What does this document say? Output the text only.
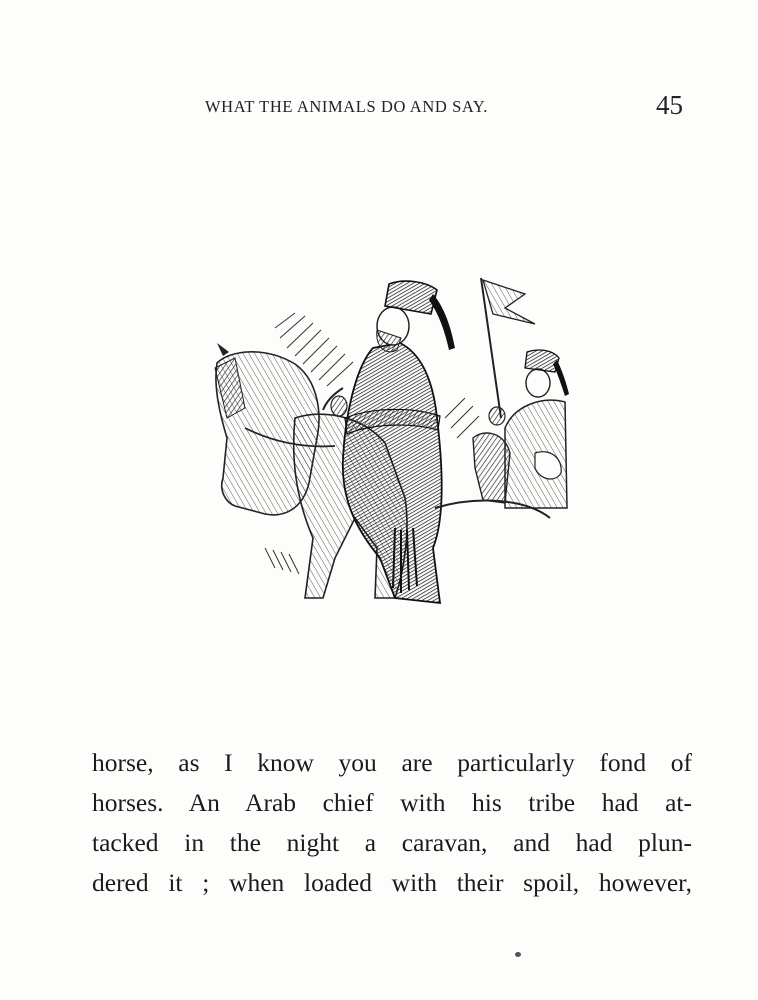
WHAT THE ANIMALS DO AND SAY.	45
horse, as I know you are particularly fond of
horses. An Arab chief with his tribe had at-
tacked in the night a caravan, and had plun-
dered it ; when loaded with their spoil, however,
